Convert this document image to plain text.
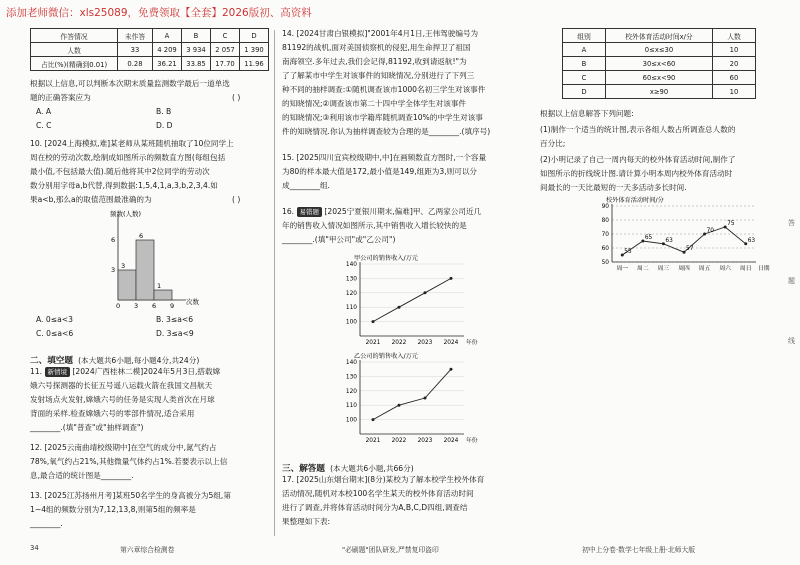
添加老师微信：xls25089，免费领取【全套】2026版初、高资料
作答情况	未作答	A	B	C	D
人数	33	4 209	3 934	2 057	1 390
占比(%)(精确到0.01)	0.28	36.21	33.85	17.70	11.96
根据以上信息,可以判断本次期末质量监测数学最后一道单选
题的正确答案应为	( )
A. A	B. B
C. C	D. D
10. [2024上海模拟,难]某老师从某班随机抽取了10位同学上
周在校的劳动次数,绘制成如图所示的频数直方图(每组包括
最小值,不包括最大值).随后他将其中2位同学的劳动次
数分别用字母a,b代替,得到数据:1,5,4,1,a,3,b,2,3,4.如
果a<b,那么a的取值范围最准确的为	( )
频数(人数)
次数
3
6
1
0 3 6 9
3
6
A. 0≤a<3	B. 3≤a<6
C. 0≤a<6	D. 3≤a<9
二、填空题 (本大题共6小题,每小题4分,共24分)
11. 新情境 [2024广西桂林二模]2024年5月3日,搭载嫦
娥六号探测器的长征五号遥八运载火箭在我国文昌航天
发射场点火发射,嫦娥六号的任务是实现人类首次在月球
背面的采样.检查嫦娥六号的零部件情况,适合采用
________.(填"普查"或"抽样调查")
12. [2025云南曲靖校级期中]在空气的成分中,氮气约占
78%,氧气约占21%,其他微量气体约占1%.若要表示以上信
息,最合适的统计图是________.
13. [2025江苏扬州月考]某班50名学生的身高被分为5组,第
1~4组的频数分别为7,12,13,8,则第5组的频率是
________.
14. [2024甘肃白银模拟]"2001年4月1日,王伟驾驶编号为
81192的战机,面对美国侦察机的侵犯,用生命捍卫了祖国
南海领空.多年过去,我们会记得,81192,收到请返航!"为
了了解某市中学生对该事件的知晓情况,分别进行了下列三
种不同的抽样调查:①随机调查该市1000名初三学生对该事件
的知晓情况;②调查该市第二十四中学全体学生对该事件
的知晓情况;③利用该市学籍库随机调查10%的中学生对该事
件的知晓情况.你认为抽样调查较为合理的是________.(填序号)
15. [2025四川宜宾校级期中,中]在画频数直方图时,一个容量
为80的样本最大值是172,最小值是149,组距为3,则可以分
成________组.
16. 易错题 [2025宁夏银川期末,偏难]甲、乙两家公司近几
年的销售收入情况如图所示,其中销售收入增长较快的是
________.(填"甲公司"或"乙公司")
甲公司的销售收入/万元
100
110
120
130
140
2021 2022 2023 2024 年份
乙公司的销售收入/万元
100
110
120
130
140
2021 2022 2023 2024 年份
三、解答题 (本大题共6小题,共66分)
17. [2025山东烟台期末](8分)某校为了解本校学生校外体育
活动情况,随机对本校100名学生某天的校外体育活动时间
进行了调查,并将体育活动时间分为A,B,C,D四组,调查结
果整理如下表:
组别	校外体育活动时间x/分	人数
A	0≤x≤30	10
B	30≤x<60	20
C	60≤x<90	60
D	x≥90	10
根据以上信息解答下列问题:
(1)制作一个适当的统计图,表示各组人数占所调查总人数的
百分比;
(2)小明记录了自己一周内每天的校外体育活动时间,制作了
如图所示的折线统计图.请计算小明本周内校外体育活动时
间最长的一天比最短的一天多活动多长时间.
校外体育活动时间/分
50
60
70
80
90
周一 周二 周三 周四 周五 周六 周日 日期
55
65 63
57
70
75
63
答
题
线
34	第六章综合检测卷	"必刷题"团队研发,严禁复印盗印	初中上分卷·数学七年级上册·北师大版
